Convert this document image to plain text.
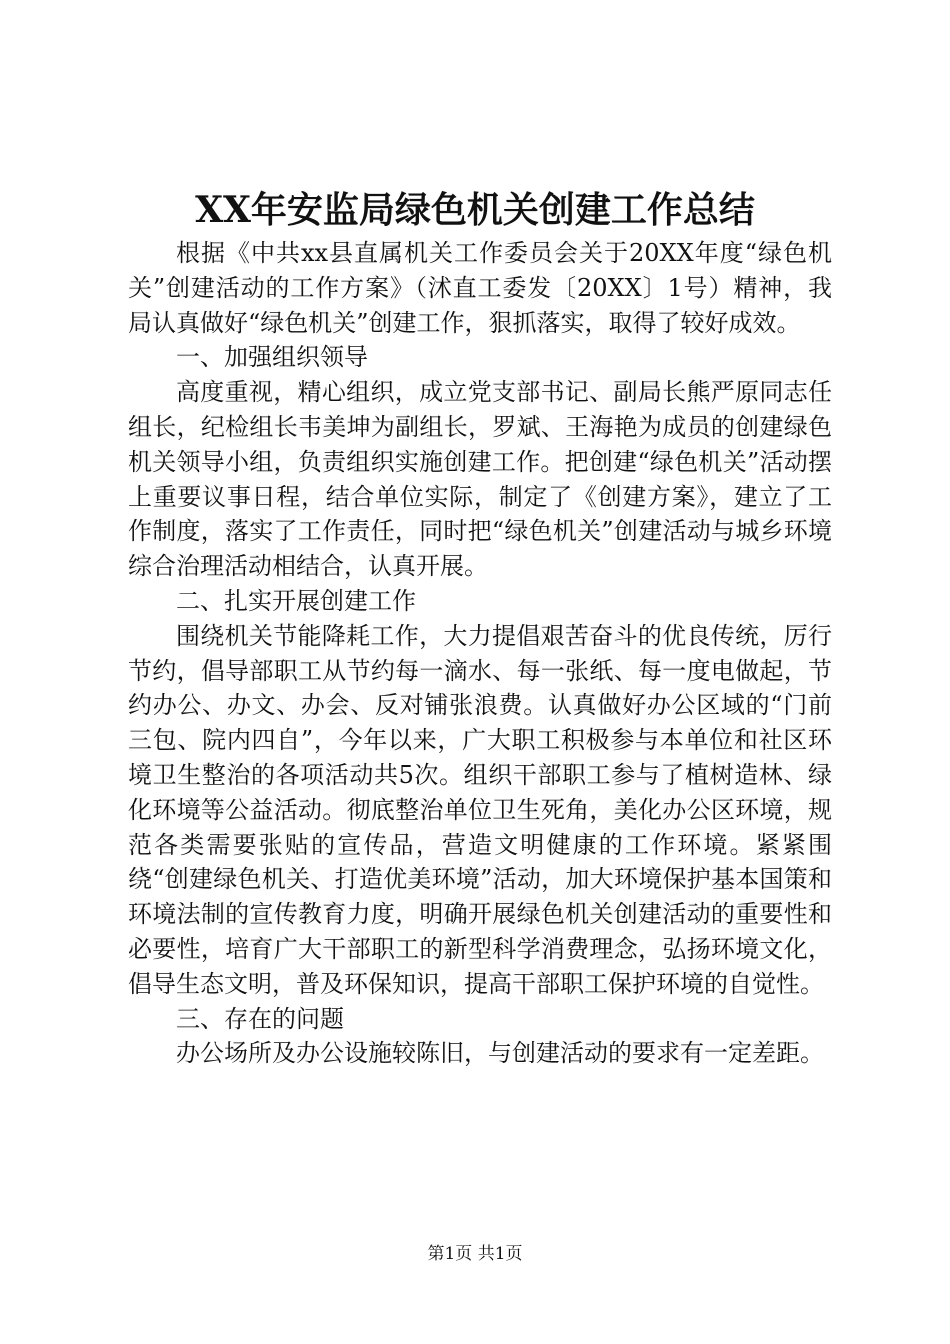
XX年安监局绿色机关创建工作总结

根据《中共xx县直属机关工作委员会关于20XX年度“绿色机关”创建活动的工作方案》（沭直工委发〔20XX〕1号）精神，我局认真做好“绿色机关”创建工作，狠抓落实，取得了较好成效。

一、加强组织领导

高度重视，精心组织，成立党支部书记、副局长熊严原同志任组长，纪检组长韦美坤为副组长，罗斌、王海艳为成员的创建绿色机关领导小组，负责组织实施创建工作。把创建“绿色机关”活动摆上重要议事日程，结合单位实际，制定了《创建方案》，建立了工作制度，落实了工作责任，同时把“绿色机关”创建活动与城乡环境综合治理活动相结合，认真开展。

二、扎实开展创建工作

围绕机关节能降耗工作，大力提倡艰苦奋斗的优良传统，厉行节约，倡导部职工从节约每一滴水、每一张纸、每一度电做起，节约办公、办文、办会、反对铺张浪费。认真做好办公区域的“门前三包、院内四自”，今年以来，广大职工积极参与本单位和社区环境卫生整治的各项活动共5次。组织干部职工参与了植树造林、绿化环境等公益活动。彻底整治单位卫生死角，美化办公区环境，规范各类需要张贴的宣传品，营造文明健康的工作环境。紧紧围绕“创建绿色机关、打造优美环境”活动，加大环境保护基本国策和环境法制的宣传教育力度，明确开展绿色机关创建活动的重要性和必要性，培育广大干部职工的新型科学消费理念，弘扬环境文化，倡导生态文明，普及环保知识，提高干部职工保护环境的自觉性。

三、存在的问题

办公场所及办公设施较陈旧，与创建活动的要求有一定差距。

第1页 共1页
